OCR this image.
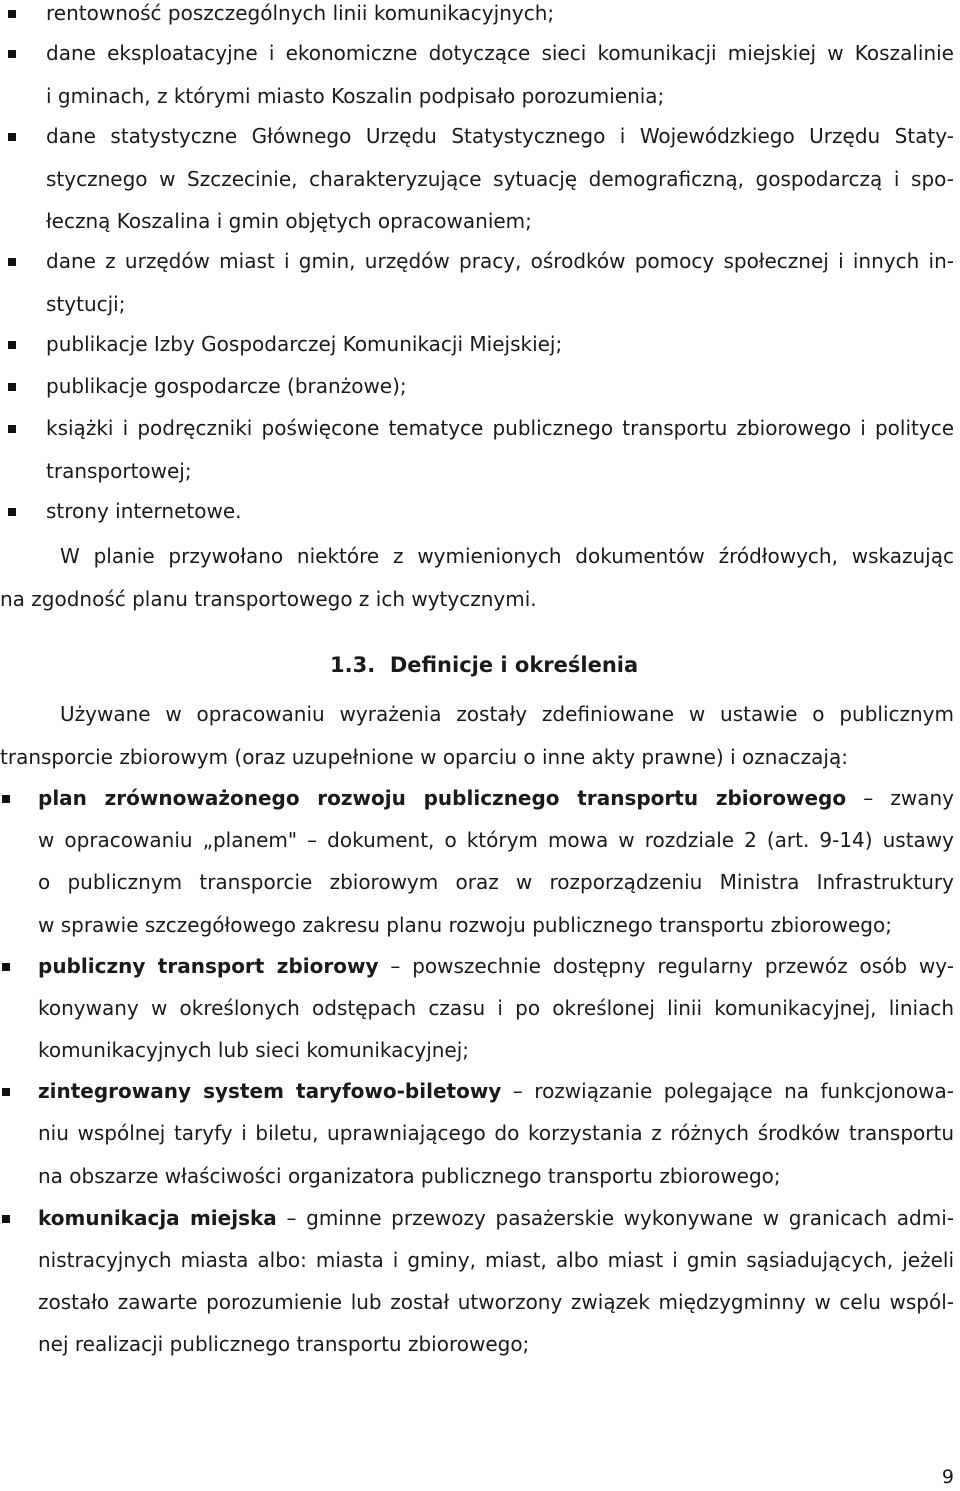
rentowność poszczególnych linii komunikacyjnych;
dane eksploatacyjne i ekonomiczne dotyczące sieci komunikacji miejskiej w Koszalinie
i gminach, z którymi miasto Koszalin podpisało porozumienia;
dane statystyczne Głównego Urzędu Statystycznego i Wojewódzkiego Urzędu Staty-
stycznego w Szczecinie, charakteryzujące sytuację demograficzną, gospodarczą i spo-
łeczną Koszalina i gmin objętych opracowaniem;
dane z urzędów miast i gmin, urzędów pracy, ośrodków pomocy społecznej i innych in-
stytucji;
publikacje Izby Gospodarczej Komunikacji Miejskiej;
publikacje gospodarcze (branżowe);
książki i podręczniki poświęcone tematyce publicznego transportu zbiorowego i polityce
transportowej;
strony internetowe.
W planie przywołano niektóre z wymienionych dokumentów źródłowych, wskazując
na zgodność planu transportowego z ich wytycznymi.
1.3. Definicje i określenia
Używane w opracowaniu wyrażenia zostały zdefiniowane w ustawie o publicznym
transporcie zbiorowym (oraz uzupełnione w oparciu o inne akty prawne) i oznaczają:
plan zrównoważonego rozwoju publicznego transportu zbiorowego – zwany
w opracowaniu „planem" – dokument, o którym mowa w rozdziale 2 (art. 9-14) ustawy
o publicznym transporcie zbiorowym oraz w rozporządzeniu Ministra Infrastruktury
w sprawie szczegółowego zakresu planu rozwoju publicznego transportu zbiorowego;
publiczny transport zbiorowy – powszechnie dostępny regularny przewóz osób wy-
konywany w określonych odstępach czasu i po określonej linii komunikacyjnej, liniach
komunikacyjnych lub sieci komunikacyjnej;
zintegrowany system taryfowo-biletowy – rozwiązanie polegające na funkcjonowa-
niu wspólnej taryfy i biletu, uprawniającego do korzystania z różnych środków transportu
na obszarze właściwości organizatora publicznego transportu zbiorowego;
komunikacja miejska – gminne przewozy pasażerskie wykonywane w granicach admi-
nistracyjnych miasta albo: miasta i gminy, miast, albo miast i gmin sąsiadujących, jeżeli
zostało zawarte porozumienie lub został utworzony związek międzygminny w celu wspól-
nej realizacji publicznego transportu zbiorowego;
9
